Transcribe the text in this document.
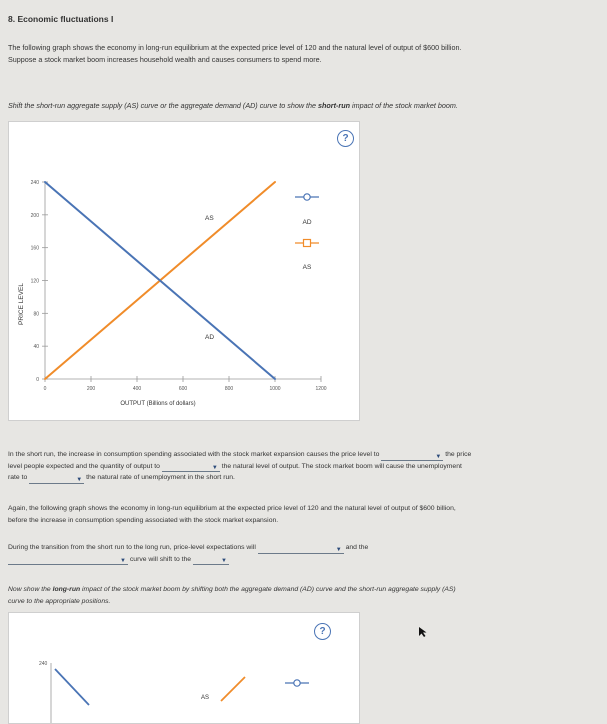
8. Economic fluctuations I
The following graph shows the economy in long-run equilibrium at the expected price level of 120 and the natural level of output of $600 billion.
Suppose a stock market boom increases household wealth and causes consumers to spend more.
Shift the short-run aggregate supply (AS) curve or the aggregate demand (AD) curve to show the short-run impact of the stock market boom.
?
0
40
80
120
160
200
240
0	200	400	600	800	1000	1200
PRICE LEVEL
OUTPUT (Billions of dollars)
AS
AD
AD
AS
In the short run, the increase in consumption spending associated with the stock market expansion causes the price level to	▼ the price
level people expected and the quantity of output to	▼ the natural level of output. The stock market boom will cause the unemployment
rate to	▼ the natural rate of unemployment in the short run.
Again, the following graph shows the economy in long-run equilibrium at the expected price level of 120 and the natural level of output of $600 billion,
before the increase in consumption spending associated with the stock market expansion.
During the transition from the short run to the long run, price-level expectations will	▼ and the
▼ curve will shift to the	▼
Now show the long-run impact of the stock market boom by shifting both the aggregate demand (AD) curve and the short-run aggregate supply (AS)
curve to the appropriate positions.
?
240
AS
